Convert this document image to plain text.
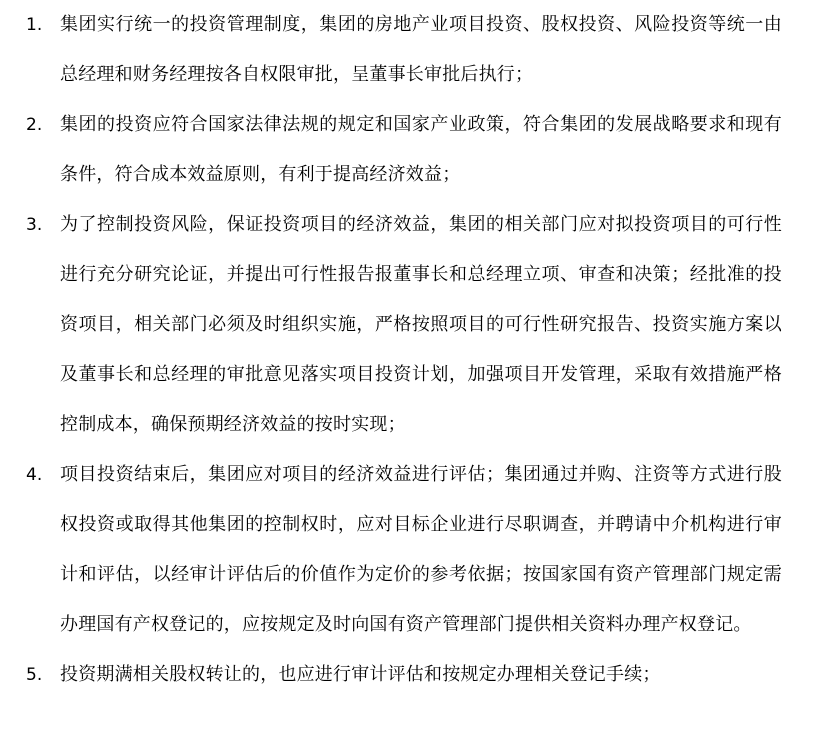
1. 集团实行统一的投资管理制度，集团的房地产业项目投资、股权投资、风险投资等统一由总经理和财务经理按各自权限审批，呈董事长审批后执行；
2. 集团的投资应符合国家法律法规的规定和国家产业政策，符合集团的发展战略要求和现有条件，符合成本效益原则，有利于提高经济效益；
3. 为了控制投资风险，保证投资项目的经济效益，集团的相关部门应对拟投资项目的可行性进行充分研究论证，并提出可行性报告报董事长和总经理立项、审查和决策；经批准的投资项目，相关部门必须及时组织实施，严格按照项目的可行性研究报告、投资实施方案以及董事长和总经理的审批意见落实项目投资计划，加强项目开发管理，采取有效措施严格控制成本，确保预期经济效益的按时实现；
4. 项目投资结束后，集团应对项目的经济效益进行评估；集团通过并购、注资等方式进行股权投资或取得其他集团的控制权时，应对目标企业进行尽职调查，并聘请中介机构进行审计和评估，以经审计评估后的价值作为定价的参考依据；按国家国有资产管理部门规定需办理国有产权登记的，应按规定及时向国有资产管理部门提供相关资料办理产权登记。
5. 投资期满相关股权转让的，也应进行审计评估和按规定办理相关登记手续；
